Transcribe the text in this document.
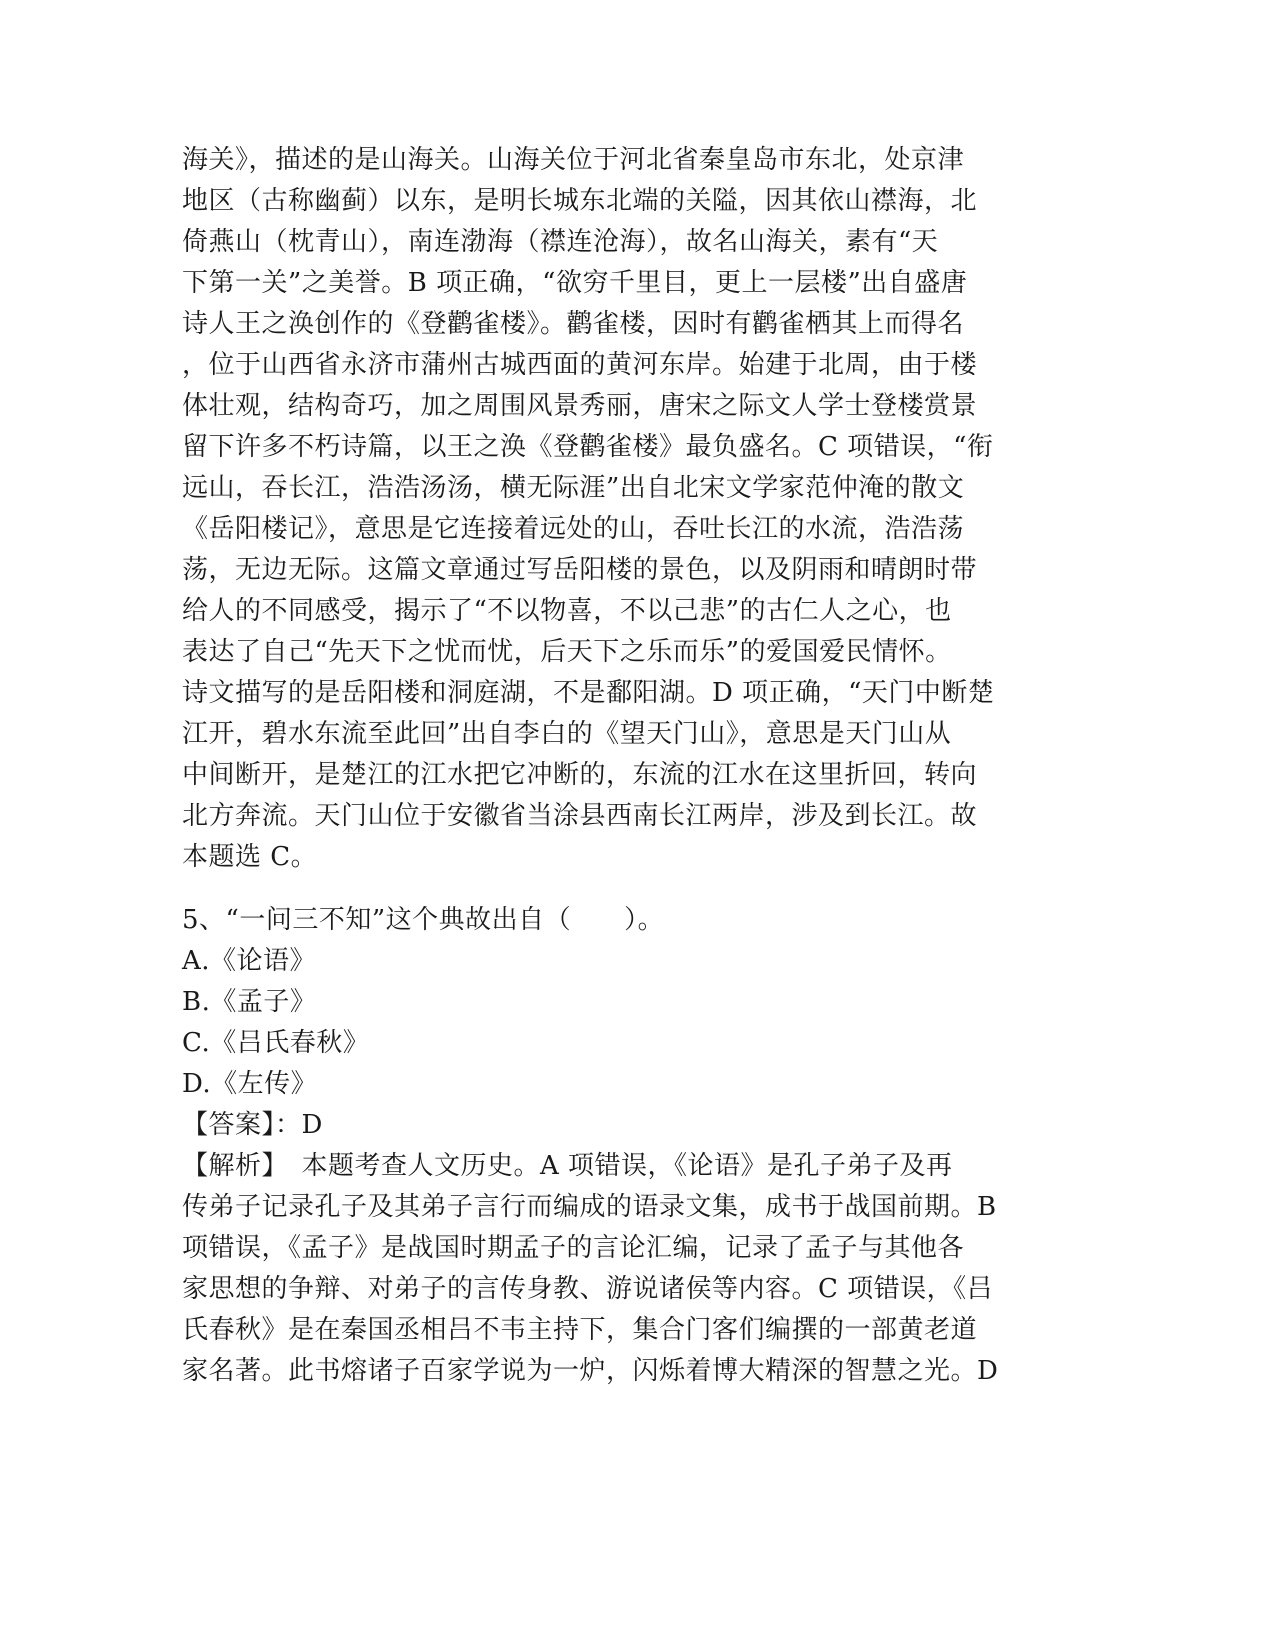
海关》，描述的是山海关。山海关位于河北省秦皇岛市东北，处京津
地区（古称幽蓟）以东，是明长城东北端的关隘，因其依山襟海，北
倚燕山（枕青山），南连渤海（襟连沧海），故名山海关，素有“天
下第一关”之美誉。B 项正确，“欲穷千里目，更上一层楼”出自盛唐
诗人王之涣创作的《登鹳雀楼》。鹳雀楼，因时有鹳雀栖其上而得名
，位于山西省永济市蒲州古城西面的黄河东岸。始建于北周，由于楼
体壮观，结构奇巧，加之周围风景秀丽，唐宋之际文人学士登楼赏景
留下许多不朽诗篇，以王之涣《登鹳雀楼》最负盛名。C 项错误，“衔
远山，吞长江，浩浩汤汤，横无际涯”出自北宋文学家范仲淹的散文
《岳阳楼记》，意思是它连接着远处的山，吞吐长江的水流，浩浩荡
荡，无边无际。这篇文章通过写岳阳楼的景色，以及阴雨和晴朗时带
给人的不同感受，揭示了“不以物喜，不以己悲”的古仁人之心，也
表达了自己“先天下之忧而忧，后天下之乐而乐”的爱国爱民情怀。
诗文描写的是岳阳楼和洞庭湖，不是鄱阳湖。D 项正确，“天门中断楚
江开，碧水东流至此回”出自李白的《望天门山》，意思是天门山从
中间断开，是楚江的江水把它冲断的，东流的江水在这里折回，转向
北方奔流。天门山位于安徽省当涂县西南长江两岸，涉及到长江。故
本题选 C。
5、“一问三不知”这个典故出自（　　）。
A.《论语》
B.《孟子》
C.《吕氏春秋》
D.《左传》
【答案】：D
【解析】　本题考查人文历史。A 项错误，《论语》是孔子弟子及再
传弟子记录孔子及其弟子言行而编成的语录文集，成书于战国前期。B
项错误，《孟子》是战国时期孟子的言论汇编，记录了孟子与其他各
家思想的争辩、对弟子的言传身教、游说诸侯等内容。C 项错误，《吕
氏春秋》是在秦国丞相吕不韦主持下，集合门客们编撰的一部黄老道
家名著。此书熔诸子百家学说为一炉，闪烁着博大精深的智慧之光。D
